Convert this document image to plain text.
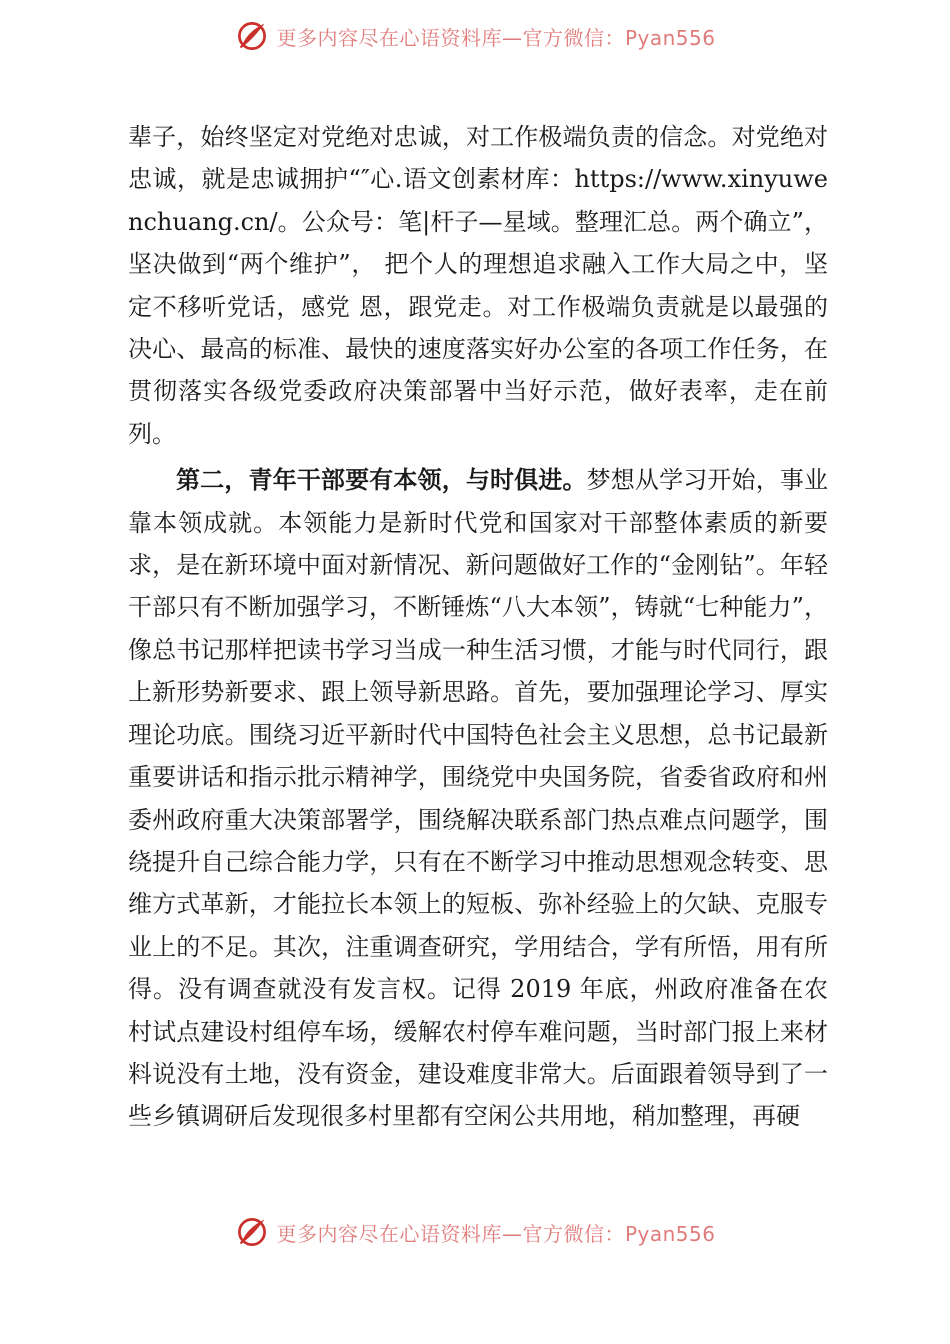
更多内容尽在心语资料库—官方微信：Pyan556

辈子，始终坚定对党绝对忠诚，对工作极端负责的信念。对党绝对忠诚，就是忠诚拥护“″心.语文创素材库：https://www.xinyuwenchuang.cn/。公众号：笔|杆子—星域。整理汇总。两个确立”，坚决做到“两个维护”， 把个人的理想追求融入工作大局之中，坚定不移听党话，感党 恩，跟党走。对工作极端负责就是以最强的决心、最高的标准、最快的速度落实好办公室的各项工作任务，在贯彻落实各级党委政府决策部署中当好示范，做好表率，走在前列。

第二，青年干部要有本领，与时俱进。梦想从学习开始，事业靠本领成就。本领能力是新时代党和国家对干部整体素质的新要求，是在新环境中面对新情况、新问题做好工作的“金刚钻”。年轻干部只有不断加强学习，不断锤炼“八大本领”，铸就“七种能力”，像总书记那样把读书学习当成一种生活习惯，才能与时代同行，跟上新形势新要求、跟上领导新思路。首先，要加强理论学习、厚实理论功底。围绕习近平新时代中国特色社会主义思想，总书记最新重要讲话和指示批示精神学，围绕党中央国务院，省委省政府和州委州政府重大决策部署学，围绕解决联系部门热点难点问题学，围绕提升自己综合能力学，只有在不断学习中推动思想观念转变、思维方式革新，才能拉长本领上的短板、弥补经验上的欠缺、克服专业上的不足。其次，注重调查研究，学用结合，学有所悟，用有所得。没有调查就没有发言权。记得 2019 年底，州政府准备在农村试点建设村组停车场，缓解农村停车难问题，当时部门报上来材料说没有土地，没有资金，建设难度非常大。后面跟着领导到了一些乡镇调研后发现很多村里都有空闲公共用地，稍加整理，再硬

更多内容尽在心语资料库—官方微信：Pyan556
